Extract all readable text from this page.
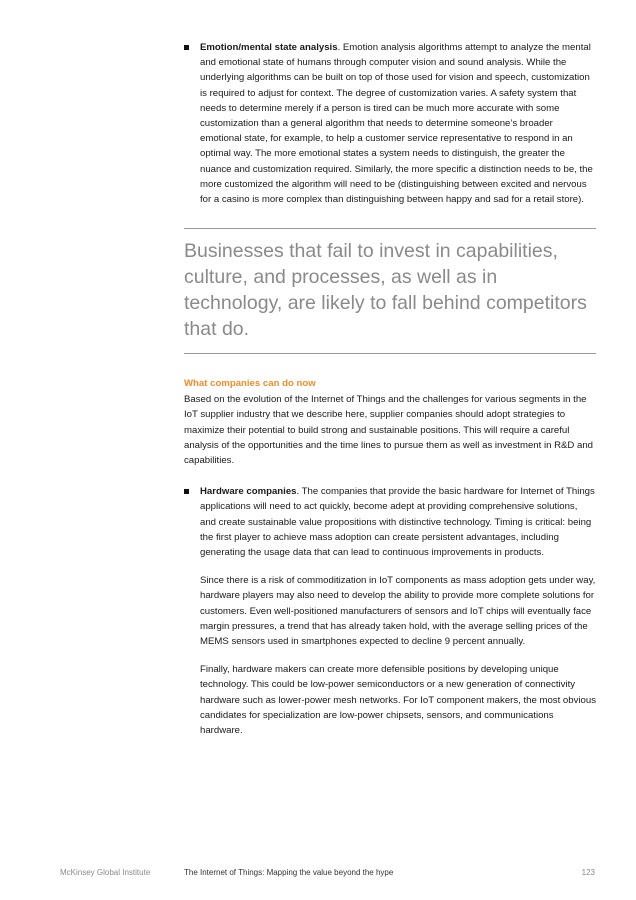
Emotion/mental state analysis. Emotion analysis algorithms attempt to analyze the mental and emotional state of humans through computer vision and sound analysis. While the underlying algorithms can be built on top of those used for vision and speech, customization is required to adjust for context. The degree of customization varies. A safety system that needs to determine merely if a person is tired can be much more accurate with some customization than a general algorithm that needs to determine someone’s broader emotional state, for example, to help a customer service representative to respond in an optimal way. The more emotional states a system needs to distinguish, the greater the nuance and customization required. Similarly, the more specific a distinction needs to be, the more customized the algorithm will need to be (distinguishing between excited and nervous for a casino is more complex than distinguishing between happy and sad for a retail store).

Businesses that fail to invest in capabilities, culture, and processes, as well as in technology, are likely to fall behind competitors that do.

What companies can do now

Based on the evolution of the Internet of Things and the challenges for various segments in the IoT supplier industry that we describe here, supplier companies should adopt strategies to maximize their potential to build strong and sustainable positions. This will require a careful analysis of the opportunities and the time lines to pursue them as well as investment in R&D and capabilities.

Hardware companies. The companies that provide the basic hardware for Internet of Things applications will need to act quickly, become adept at providing comprehensive solutions, and create sustainable value propositions with distinctive technology. Timing is critical: being the first player to achieve mass adoption can create persistent advantages, including generating the usage data that can lead to continuous improvements in products.

Since there is a risk of commoditization in IoT components as mass adoption gets under way, hardware players may also need to develop the ability to provide more complete solutions for customers. Even well-positioned manufacturers of sensors and IoT chips will eventually face margin pressures, a trend that has already taken hold, with the average selling prices of the MEMS sensors used in smartphones expected to decline 9 percent annually.

Finally, hardware makers can create more defensible positions by developing unique technology. This could be low-power semiconductors or a new generation of connectivity hardware such as lower-power mesh networks. For IoT component makers, the most obvious candidates for specialization are low-power chipsets, sensors, and communications hardware.

McKinsey Global Institute	The Internet of Things: Mapping the value beyond the hype	123
